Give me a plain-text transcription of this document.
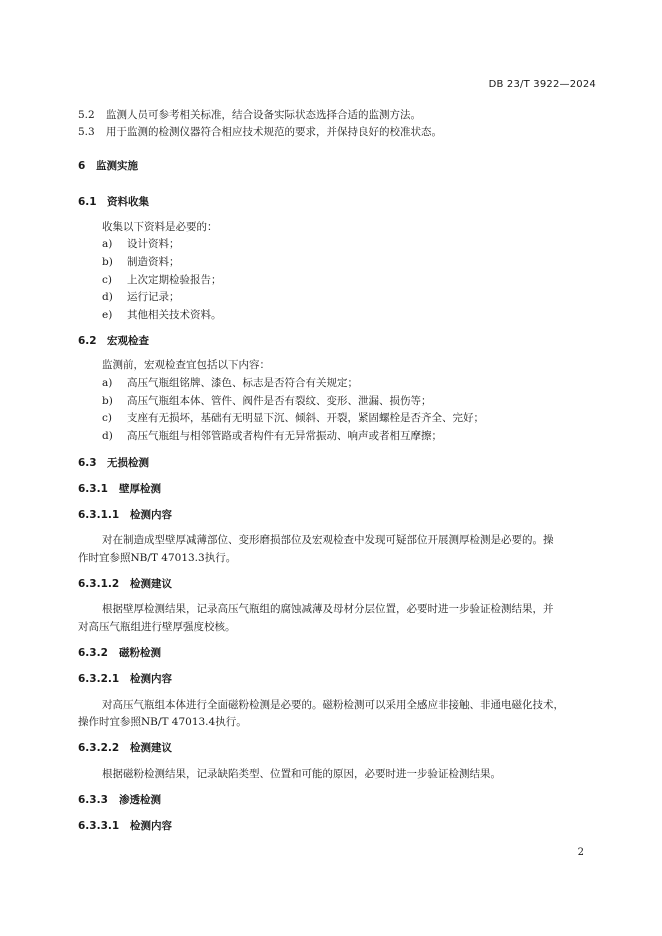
DB 23/T 3922—2024
5.2 监测人员可参考相关标准，结合设备实际状态选择合适的监测方法。
5.3 用于监测的检测仪器符合相应技术规范的要求，并保持良好的校准状态。
6 监测实施
6.1 资料收集
收集以下资料是必要的：
a) 设计资料；
b) 制造资料；
c) 上次定期检验报告；
d) 运行记录；
e) 其他相关技术资料。
6.2 宏观检查
监测前，宏观检查宜包括以下内容：
a) 高压气瓶组铭牌、漆色、标志是否符合有关规定；
b) 高压气瓶组本体、管件、阀件是否有裂纹、变形、泄漏、损伤等；
c) 支座有无损坏，基础有无明显下沉、倾斜、开裂，紧固螺栓是否齐全、完好；
d) 高压气瓶组与相邻管路或者构件有无异常振动、响声或者相互摩擦；
6.3 无损检测
6.3.1 壁厚检测
6.3.1.1 检测内容
对在制造成型壁厚减薄部位、变形磨损部位及宏观检查中发现可疑部位开展测厚检测是必要的。操
作时宜参照NB/T 47013.3执行。
6.3.1.2 检测建议
根据壁厚检测结果，记录高压气瓶组的腐蚀减薄及母材分层位置，必要时进一步验证检测结果，并
对高压气瓶组进行壁厚强度校核。
6.3.2 磁粉检测
6.3.2.1 检测内容
对高压气瓶组本体进行全面磁粉检测是必要的。磁粉检测可以采用全感应非接触、非通电磁化技术，
操作时宜参照NB/T 47013.4执行。
6.3.2.2 检测建议
根据磁粉检测结果，记录缺陷类型、位置和可能的原因，必要时进一步验证检测结果。
6.3.3 渗透检测
6.3.3.1 检测内容
2
